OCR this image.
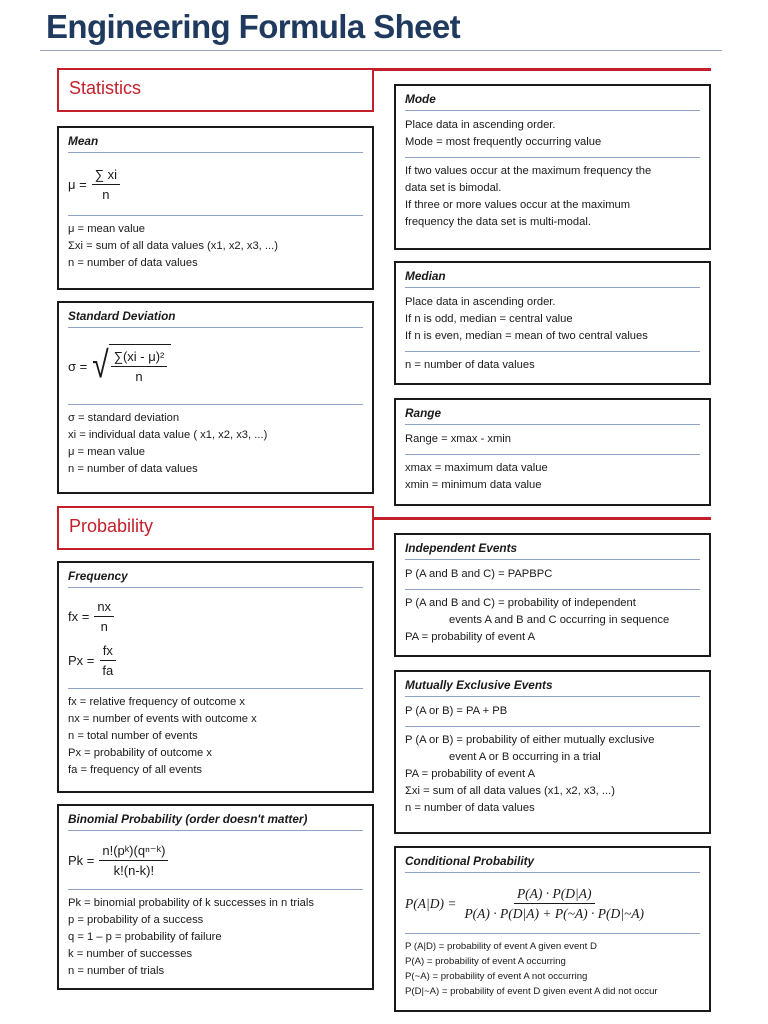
Engineering Formula Sheet
Statistics
Probability
Mean
$\mu = \frac{\sum xi}{n}$
μ = mean value
Σxi = sum of all data values (x1, x2, x3, ...)
n = number of data values
Standard Deviation
σ = √ $\frac{\text{∑(xi - μ)²}}{n}$
σ = standard deviation
xi = individual data value ( x1, x2, x3, ...)
μ = mean value
n = number of data values
Mode
Place data in ascending order.
Mode = most frequently occurring value
If two values occur at the maximum frequency the
data set is bimodal.
If three or more values occur at the maximum
frequency the data set is multi-modal.
Median
Place data in ascending order.
If n is odd, median = central value
If n is even, median = mean of two central values
n = number of data values
Range
Range = xmax - xmin
xmax = maximum data value
xmin = minimum data value
Frequency
fx = $\frac{nx}{n}$
$Px = \frac{fx}{fa}$
fx = relative frequency of outcome x
nx = number of events with outcome x
n = total number of events
Px = probability of outcome x
fa = frequency of all events
Binomial Probability (order doesn't matter)
$Pk = \frac{\text{n!(pᵏ)(qⁿ⁻ᵏ)}}{k!(n-k)!}$
Pk = binomial probability of k successes in n trials
p = probability of a success
q = 1 – p = probability of failure
k = number of successes
n = number of trials
Independent Events
P (A and B and C) = PAPBPC
P (A and B and C) = probability of independent
events A and B and C occurring in sequence
PA = probability of event A
Mutually Exclusive Events
P (A or B) = PA + PB
P (A or B) = probability of either mutually exclusive
event A or B occurring in a trial
PA = probability of event A
Σxi = sum of all data values (x1, x2, x3, ...)
n = number of data values
Conditional Probability
$P(A|D) = \frac{P(A) \cdot P(D|A)}{P(A) \cdot P(D|A) + P(\sim A) \cdot P(D|\sim A)}$
P (A|D) = probability of event A given event D
P(A) = probability of event A occurring
P(~A) = probability of event A not occurring
P(D|~A) = probability of event D given event A did not occur
